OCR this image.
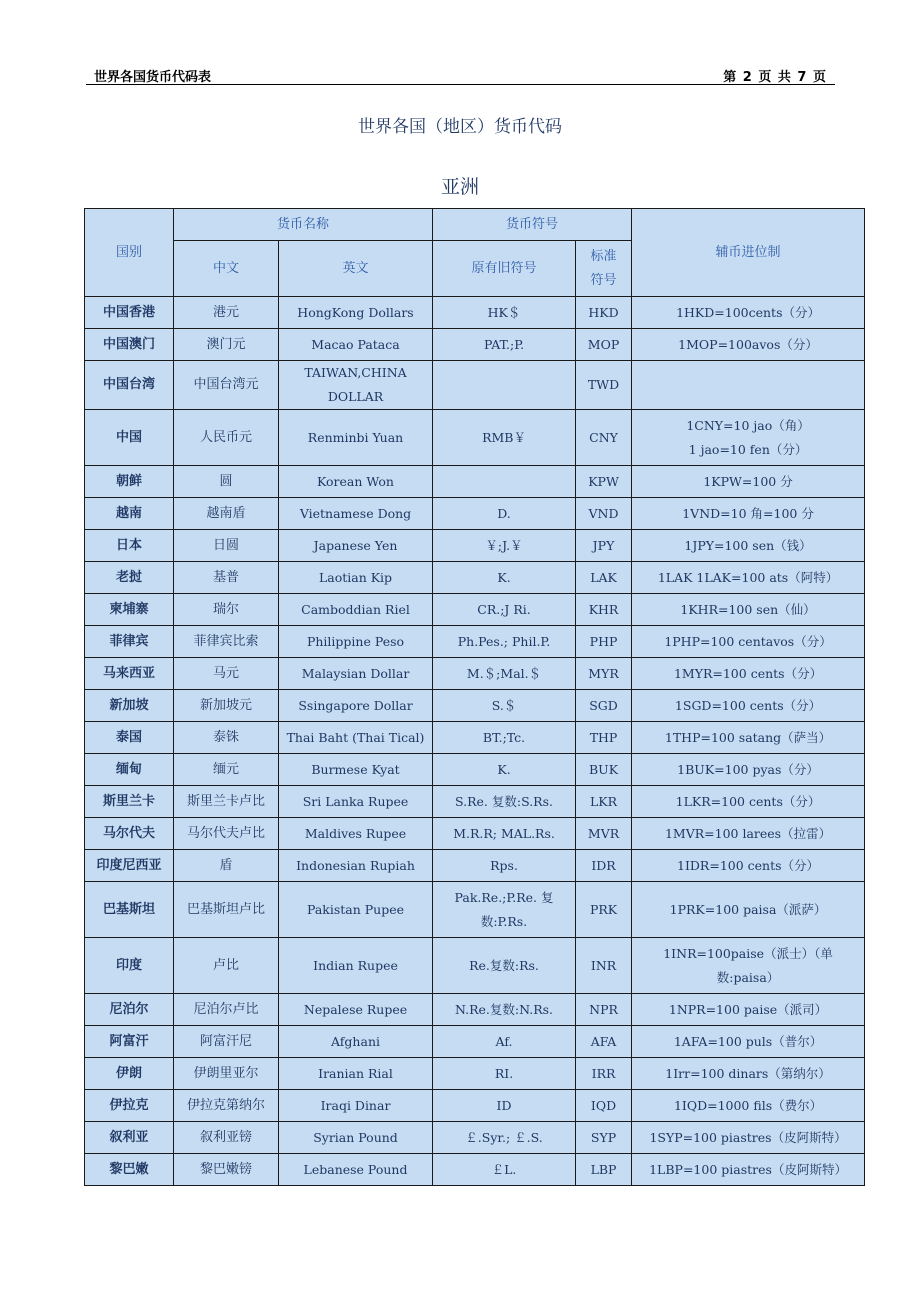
世界各国货币代码表	第 2 页 共 7 页
世界各国（地区）货币代码
亚洲
国别	货币名称		货币符号		辅币进位制
	中文	英文	原有旧符号	标准
符号	

中国香港	港元	HongKong Dollars	HK＄	HKD	1HKD=100cents（分）

中国澳门	澳门元	Macao Pataca	PAT.;P.	MOP	1MOP=100avos（分）

中国台湾	中国台湾元	TAIWAN,CHINA DOLLAR		TWD	

中国	人民币元	Renminbi Yuan	RMB￥	CNY	1CNY=10 jao（角）
1 jao=10 fen（分）

朝鲜	圆	Korean Won		KPW	1KPW=100 分

越南	越南盾	Vietnamese Dong	D.	VND	1VND=10 角=100 分

日本	日圆	Japanese Yen	￥;J.￥	JPY	1JPY=100 sen（钱）

老挝	基普	Laotian Kip	K.	LAK	1LAK 1LAK=100 ats（阿特）

柬埔寨	瑞尔	Camboddian Riel	CR.;J Ri.	KHR	1KHR=100 sen（仙）

菲律宾	菲律宾比索	Philippine Peso	Ph.Pes.; Phil.P.	PHP	1PHP=100 centavos（分）

马来西亚	马元	Malaysian Dollar	M.＄;Mal.＄	MYR	1MYR=100 cents（分）

新加坡	新加坡元	Ssingapore Dollar	S.＄	SGD	1SGD=100 cents（分）

泰国	泰铢	Thai Baht (Thai Tical)	BT.;Tc.	THP	1THP=100 satang（萨当）

缅甸	缅元	Burmese Kyat	K.	BUK	1BUK=100 pyas（分）

斯里兰卡	斯里兰卡卢比	Sri Lanka Rupee	S.Re. 复数:S.Rs.	LKR	1LKR=100 cents（分）

马尔代夫	马尔代夫卢比	Maldives Rupee	M.R.R; MAL.Rs.	MVR	1MVR=100 larees（拉雷）

印度尼西亚	盾	Indonesian Rupiah	Rps.	IDR	1IDR=100 cents（分）

巴基斯坦	巴基斯坦卢比	Pakistan Pupee	Pak.Re.;P.Re. 复
数:P.Rs.	PRK	1PRK=100 paisa（派萨）

印度	卢比	Indian Rupee	Re.复数:Rs.	INR	1INR=100paise（派士）（单
数:paisa）

尼泊尔	尼泊尔卢比	Nepalese Rupee	N.Re.复数:N.Rs.	NPR	1NPR=100 paise（派司）

阿富汗	阿富汗尼	Afghani	Af.	AFA	1AFA=100 puls（普尔）

伊朗	伊朗里亚尔	Iranian Rial	RI.	IRR	1Irr=100 dinars（第纳尔）

伊拉克	伊拉克第纳尔	Iraqi Dinar	ID	IQD	1IQD=1000 fils（费尔）

叙利亚	叙利亚镑	Syrian Pound	￡.Syr.; ￡.S.	SYP	1SYP=100 piastres（皮阿斯特）

黎巴嫩	黎巴嫩镑	Lebanese Pound	￡L.	LBP	1LBP=100 piastres（皮阿斯特）
